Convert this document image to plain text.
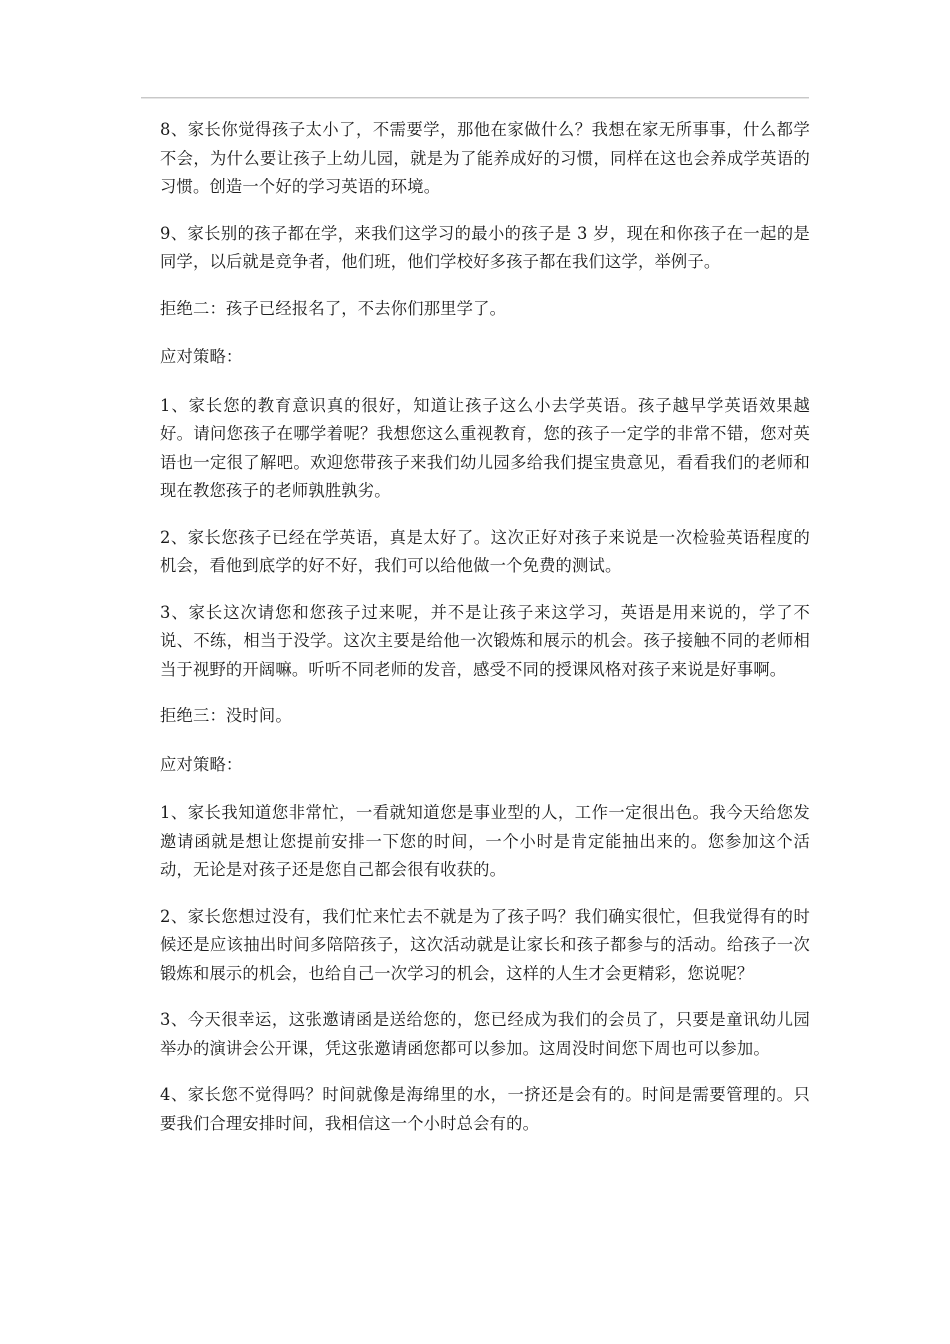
8、家长你觉得孩子太小了，不需要学，那他在家做什么？我想在家无所事事，什么都学不会，为什么要让孩子上幼儿园，就是为了能养成好的习惯，同样在这也会养成学英语的习惯。创造一个好的学习英语的环境。

9、家长别的孩子都在学，来我们这学习的最小的孩子是 3 岁，现在和你孩子在一起的是同学，以后就是竞争者，他们班，他们学校好多孩子都在我们这学，举例子。

拒绝二：孩子已经报名了，不去你们那里学了。

应对策略：

1、家长您的教育意识真的很好，知道让孩子这么小去学英语。孩子越早学英语效果越好。请问您孩子在哪学着呢？我想您这么重视教育，您的孩子一定学的非常不错，您对英语也一定很了解吧。欢迎您带孩子来我们幼儿园多给我们提宝贵意见，看看我们的老师和现在教您孩子的老师孰胜孰劣。

2、家长您孩子已经在学英语，真是太好了。这次正好对孩子来说是一次检验英语程度的机会，看他到底学的好不好，我们可以给他做一个免费的测试。

3、家长这次请您和您孩子过来呢，并不是让孩子来这学习，英语是用来说的，学了不说、不练，相当于没学。这次主要是给他一次锻炼和展示的机会。孩子接触不同的老师相当于视野的开阔嘛。听听不同老师的发音，感受不同的授课风格对孩子来说是好事啊。

拒绝三：没时间。

应对策略：

1、家长我知道您非常忙，一看就知道您是事业型的人，工作一定很出色。我今天给您发邀请函就是想让您提前安排一下您的时间，一个小时是肯定能抽出来的。您参加这个活动，无论是对孩子还是您自己都会很有收获的。

2、家长您想过没有，我们忙来忙去不就是为了孩子吗？我们确实很忙，但我觉得有的时候还是应该抽出时间多陪陪孩子，这次活动就是让家长和孩子都参与的活动。给孩子一次锻炼和展示的机会，也给自己一次学习的机会，这样的人生才会更精彩，您说呢？

3、今天很幸运，这张邀请函是送给您的，您已经成为我们的会员了，只要是童讯幼儿园举办的演讲会公开课，凭这张邀请函您都可以参加。这周没时间您下周也可以参加。

4、家长您不觉得吗？时间就像是海绵里的水，一挤还是会有的。时间是需要管理的。只要我们合理安排时间，我相信这一个小时总会有的。
